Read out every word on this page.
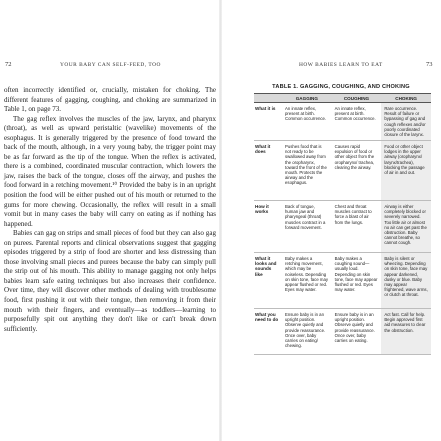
72	YOUR BABY CAN SELF-FEED, TOO

often incorrectly identified or, crucially, mistaken for choking. The different features of gagging, coughing, and choking are summarized in Table 1, on page 73.

The gag reflex involves the muscles of the jaw, larynx, and pharynx (throat), as well as upward peristaltic (wavelike) movements of the esophagus. It is generally triggered by the presence of food toward the back of the mouth, although, in a very young baby, the trigger point may be as far forward as the tip of the tongue. When the reflex is activated, there is a combined, coordinated muscular contraction, which lowers the jaw, raises the back of the tongue, closes off the airway, and pushes the food forward in a retching movement.¹⁰ Provided the baby is in an upright position the food will be either pushed out of his mouth or returned to the gums for more chewing. Occasionally, the reflex will result in a small vomit but in many cases the baby will carry on eating as if nothing has happened.

Babies can gag on strips and small pieces of food but they can also gag on purees. Parental reports and clinical observations suggest that gagging episodes triggered by a strip of food are shorter and less distressing than those involving small pieces and purees because the baby can simply pull the strip out of his mouth. This ability to manage gagging not only helps babies learn safe eating techniques but also increases their confidence. Over time, they will discover other methods of dealing with troublesome food, first pushing it out with their tongue, then removing it from their mouth with their fingers, and eventually—as toddlers—learning to purposefully spit out anything they don't like or can't break down sufficiently.

HOW BABIES LEARN TO EAT	73
TABLE 1. GAGGING, COUGHING, AND CHOKING
	GAGGING	COUGHING	CHOKING
What it is	An innate reflex, present at birth. Common occurrence.	An innate reflex, present at birth. Common occurrence.	Rare occurrence. Result of failure or bypassing of gag and cough reflexes and/or poorly coordinated closure of the larynx.
What it does	Pushes food that is not ready to be swallowed away from the oropharynx, toward the front of the mouth. Protects the airway and the esophagus.	Causes rapid expulsion of food or other object from the oropharynx/ trachea, clearing the airway.	Food or other object lodges in the upper airway (oropharynx/ larynx/trachea), blocking the passage of air in and out.
How it works	Back of tongue, human jaw and pharyngeal (throat) muscles contract in a forward movement.	Chest and throat muscles contract to force a blast of air from the lungs.	Airway is either completely blocked or severely narrowed. Too little air or almost no air can get past the obstruction. Baby cannot breathe, so cannot cough.
What it looks and sounds like	Baby makes a retching movement, which may be noiseless. Depending on skin tone, face may appear flushed or red. Eyes may water.	Baby makes a coughing sound—usually loud. Depending on skin tone, face may appear flushed or red. Eyes may water.	Baby is silent or wheezing. Depending on skin tone, face may appear darkened, dusky or blue. Baby may appear frightened, wave arms, or clutch at throat.
What you need to do	Ensure baby is in an upright position. Observe quietly and provide reassurance. Once over, baby carries on eating/ chewing.	Ensure baby is in an upright position. Observe quietly and provide reassurance. Once over, baby carries on eating.	Act fast. Call for help. Begin approved first aid measures to clear the obstruction.
